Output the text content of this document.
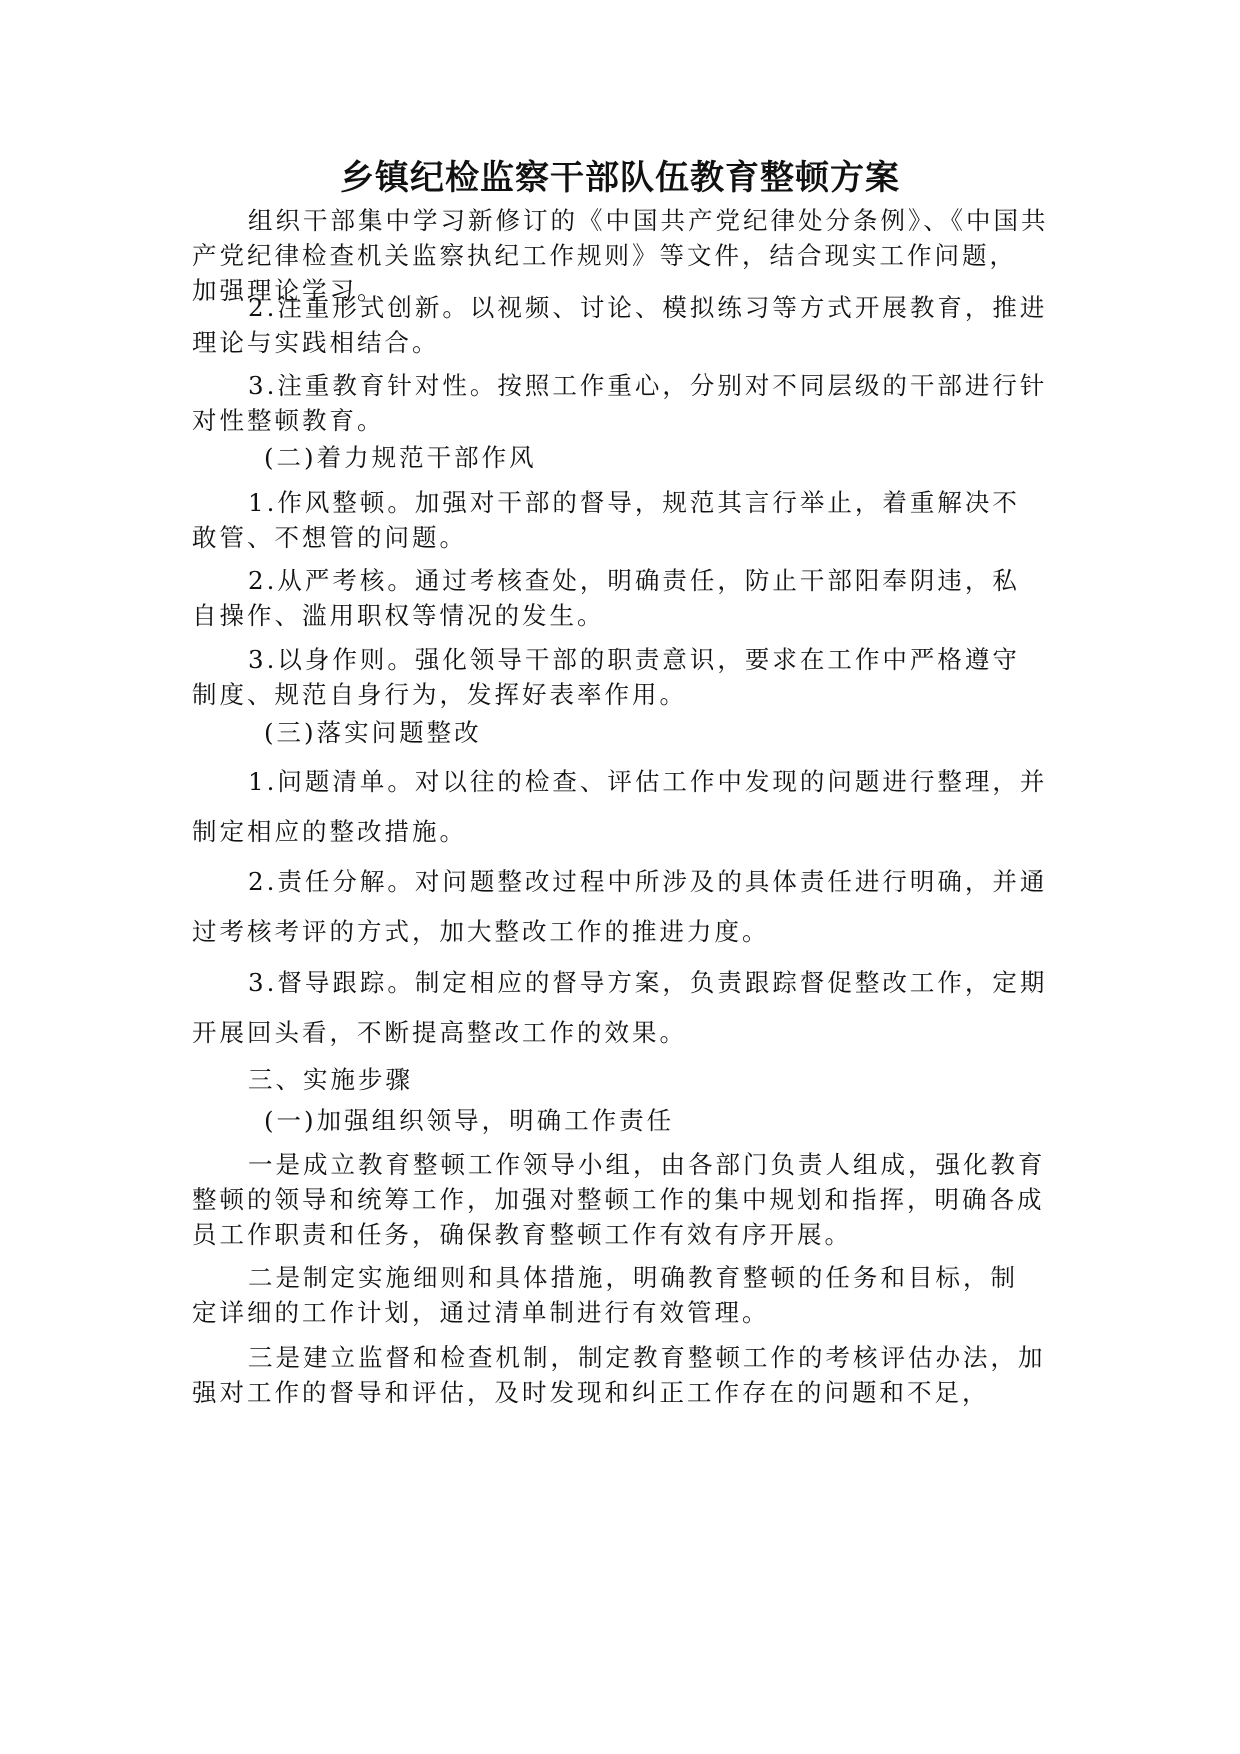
乡镇纪检监察干部队伍教育整顿方案
组织干部集中学习新修订的《中国共产党纪律处分条例》、《中国共产党纪律检查机关监察执纪工作规则》等文件，结合现实工作问题， 加强理论学习。
2.注重形式创新。以视频、讨论、模拟练习等方式开展教育，推进理论与实践相结合。
3.注重教育针对性。按照工作重心，分别对不同层级的干部进行针对性整顿教育。
(二)着力规范干部作风
1.作风整顿。加强对干部的督导，规范其言行举止，着重解决不 敢管、不想管的问题。
2.从严考核。通过考核查处，明确责任，防止干部阳奉阴违，私 自操作、滥用职权等情况的发生。
3.以身作则。强化领导干部的职责意识，要求在工作中严格遵守 制度、规范自身行为，发挥好表率作用。
(三)落实问题整改
1.问题清单。对以往的检查、评估工作中发现的问题进行整理，并制定相应的整改措施。
2.责任分解。对问题整改过程中所涉及的具体责任进行明确，并通过考核考评的方式，加大整改工作的推进力度。
3.督导跟踪。制定相应的督导方案，负责跟踪督促整改工作，定期开展回头看，不断提高整改工作的效果。
三、实施步骤
(一)加强组织领导，明确工作责任
一是成立教育整顿工作领导小组，由各部门负责人组成，强化教育整顿的领导和统筹工作，加强对整顿工作的集中规划和指挥，明确各成员工作职责和任务，确保教育整顿工作有效有序开展。
二是制定实施细则和具体措施，明确教育整顿的任务和目标，制 定详细的工作计划，通过清单制进行有效管理。
三是建立监督和检查机制，制定教育整顿工作的考核评估办法，加强对工作的督导和评估，及时发现和纠正工作存在的问题和不足，
